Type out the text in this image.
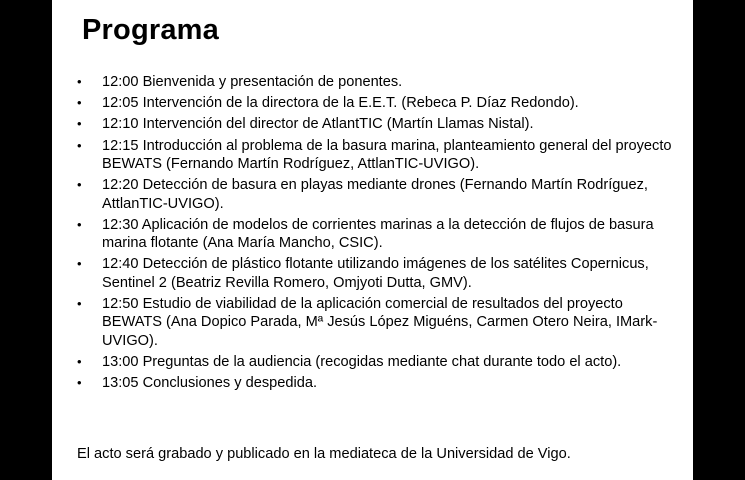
Programa
• 12:00 Bienvenida y presentación de ponentes.
• 12:05 Intervención de la directora de la E.E.T. (Rebeca P. Díaz Redondo).
• 12:10 Intervención del director de AtlantTIC (Martín Llamas Nistal).
• 12:15 Introducción al problema de la basura marina, planteamiento general del proyecto BEWATS (Fernando Martín Rodríguez, AttlanTIC-UVIGO).
• 12:20 Detección de basura en playas mediante drones (Fernando Martín Rodríguez, AttlanTIC-UVIGO).
• 12:30 Aplicación de modelos de corrientes marinas a la detección de flujos de basura marina flotante (Ana María Mancho, CSIC).
• 12:40 Detección de plástico flotante utilizando imágenes de los satélites Copernicus, Sentinel 2 (Beatriz Revilla Romero, Omjyoti Dutta, GMV).
• 12:50 Estudio de viabilidad de la aplicación comercial de resultados del proyecto BEWATS (Ana Dopico Parada, Mª Jesús López Miguéns, Carmen Otero Neira, IMark-UVIGO).
• 13:00 Preguntas de la audiencia (recogidas mediante chat durante todo el acto).
• 13:05 Conclusiones y despedida.
El acto será grabado y publicado en la mediateca de la Universidad de Vigo.
